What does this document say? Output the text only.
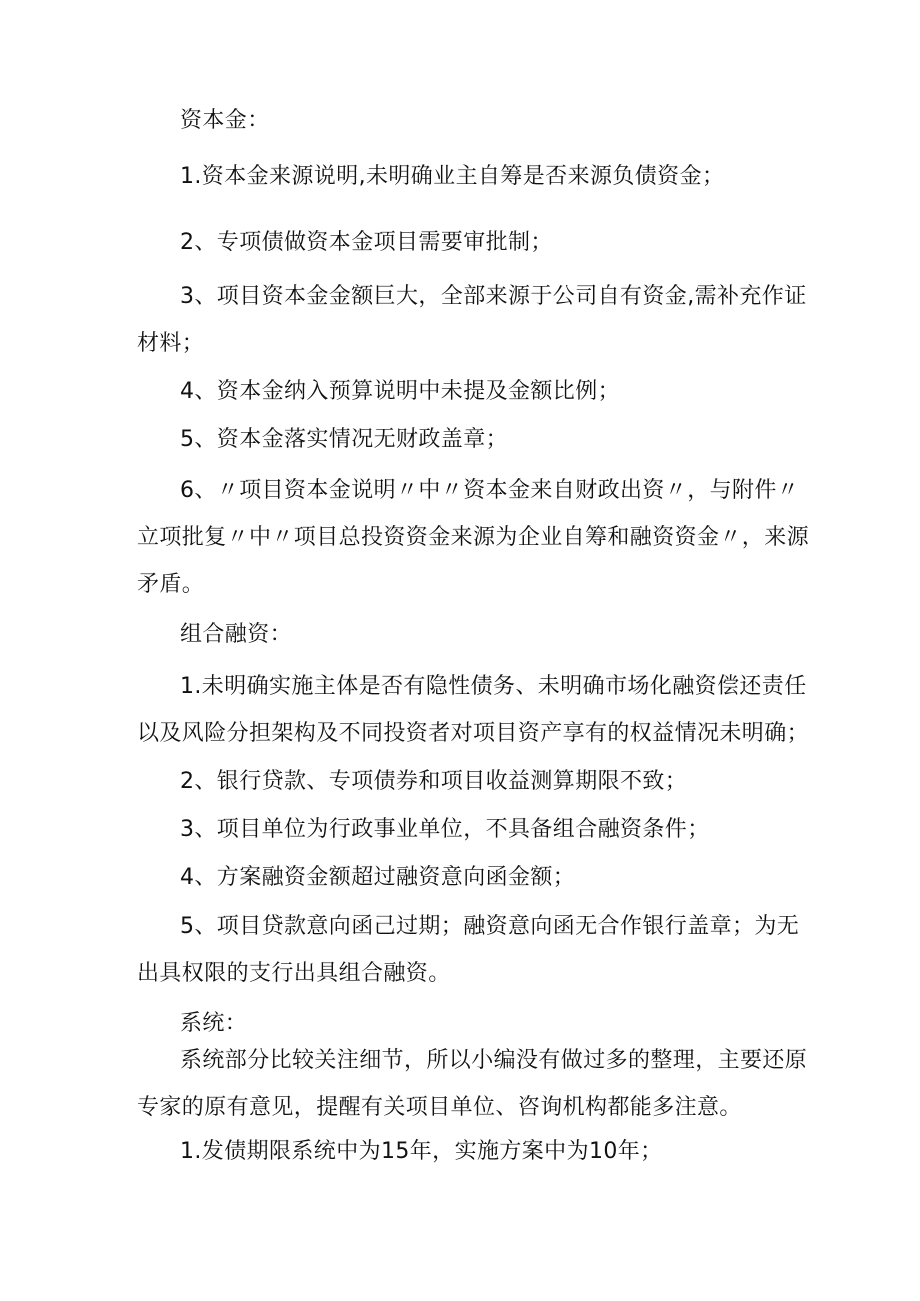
资本金：
1.资本金来源说明,未明确业主自筹是否来源负债资金；
2、专项债做资本金项目需要审批制；
3、项目资本金金额巨大，全部来源于公司自有资金,需补充作证
材料；
4、资本金纳入预算说明中未提及金额比例；
5、资本金落实情况无财政盖章；
6、〃项目资本金说明〃中〃资本金来自财政出资〃，与附件〃
立项批复〃中〃项目总投资资金来源为企业自筹和融资资金〃，来源
矛盾。
组合融资：
1.未明确实施主体是否有隐性债务、未明确市场化融资偿还责任
以及风险分担架构及不同投资者对项目资产享有的权益情况未明确；
2、银行贷款、专项债券和项目收益测算期限不致；
3、项目单位为行政事业单位，不具备组合融资条件；
4、方案融资金额超过融资意向函金额；
5、项目贷款意向函己过期；融资意向函无合作银行盖章；为无
出具权限的支行出具组合融资。
系统：
系统部分比较关注细节，所以小编没有做过多的整理，主要还原
专家的原有意见，提醒有关项目单位、咨询机构都能多注意。
1.发债期限系统中为15年，实施方案中为10年；
